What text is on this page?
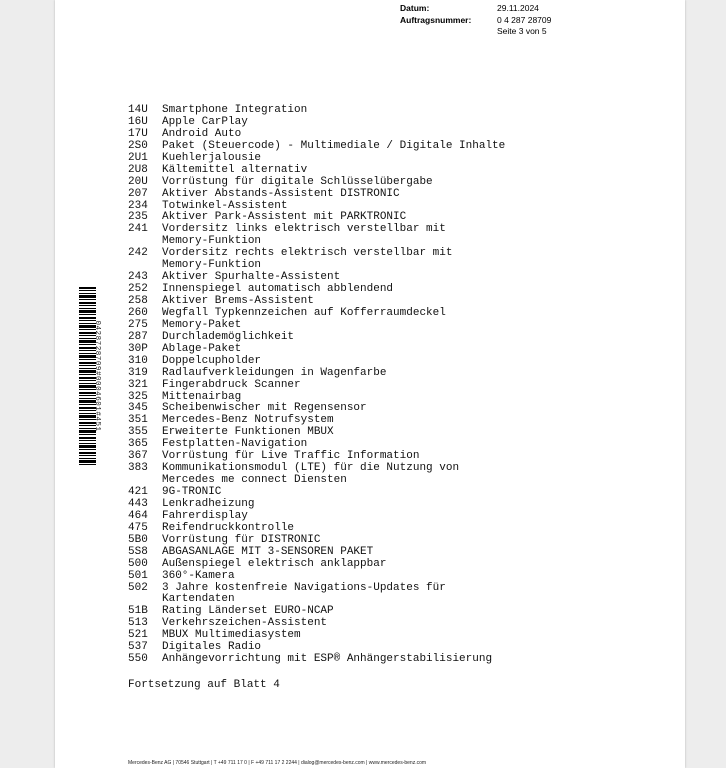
Datum:	29.11.2024
Auftragsnummer:	0 4 287 28709
Seite 3 von 5
0428728709#0004601#451
14U	Smartphone Integration
16U	Apple CarPlay
17U	Android Auto
2S0	Paket (Steuercode) - Multimediale / Digitale Inhalte
2U1	Kuehlerjalousie
2U8	Kältemittel alternativ
20U	Vorrüstung für digitale Schlüsselübergabe
207	Aktiver Abstands-Assistent DISTRONIC
234	Totwinkel-Assistent
235	Aktiver Park-Assistent mit PARKTRONIC
241	Vordersitz links elektrisch verstellbar mit
Memory-Funktion
242	Vordersitz rechts elektrisch verstellbar mit
Memory-Funktion
243	Aktiver Spurhalte-Assistent
252	Innenspiegel automatisch abblendend
258	Aktiver Brems-Assistent
260	Wegfall Typkennzeichen auf Kofferraumdeckel
275	Memory-Paket
287	Durchlademöglichkeit
30P	Ablage-Paket
310	Doppelcupholder
319	Radlaufverkleidungen in Wagenfarbe
321	Fingerabdruck Scanner
325	Mittenairbag
345	Scheibenwischer mit Regensensor
351	Mercedes-Benz Notrufsystem
355	Erweiterte Funktionen MBUX
365	Festplatten-Navigation
367	Vorrüstung für Live Traffic Information
383	Kommunikationsmodul (LTE) für die Nutzung von
Mercedes me connect Diensten
421	9G-TRONIC
443	Lenkradheizung
464	Fahrerdisplay
475	Reifendruckkontrolle
5B0	Vorrüstung für DISTRONIC
5S8	ABGASANLAGE MIT 3-SENSOREN PAKET
500	Außenspiegel elektrisch anklappbar
501	360°-Kamera
502	3 Jahre kostenfreie Navigations-Updates für
Kartendaten
51B	Rating Länderset EURO-NCAP
513	Verkehrszeichen-Assistent
521	MBUX Multimediasystem
537	Digitales Radio
550	Anhängevorrichtung mit ESP® Anhängerstabilisierung
Fortsetzung auf Blatt 4
Mercedes-Benz AG | 70546 Stuttgart | T +49 711 17 0 | F +49 711 17 2 2244 | dialog@mercedes-benz.com | www.mercedes-benz.com
